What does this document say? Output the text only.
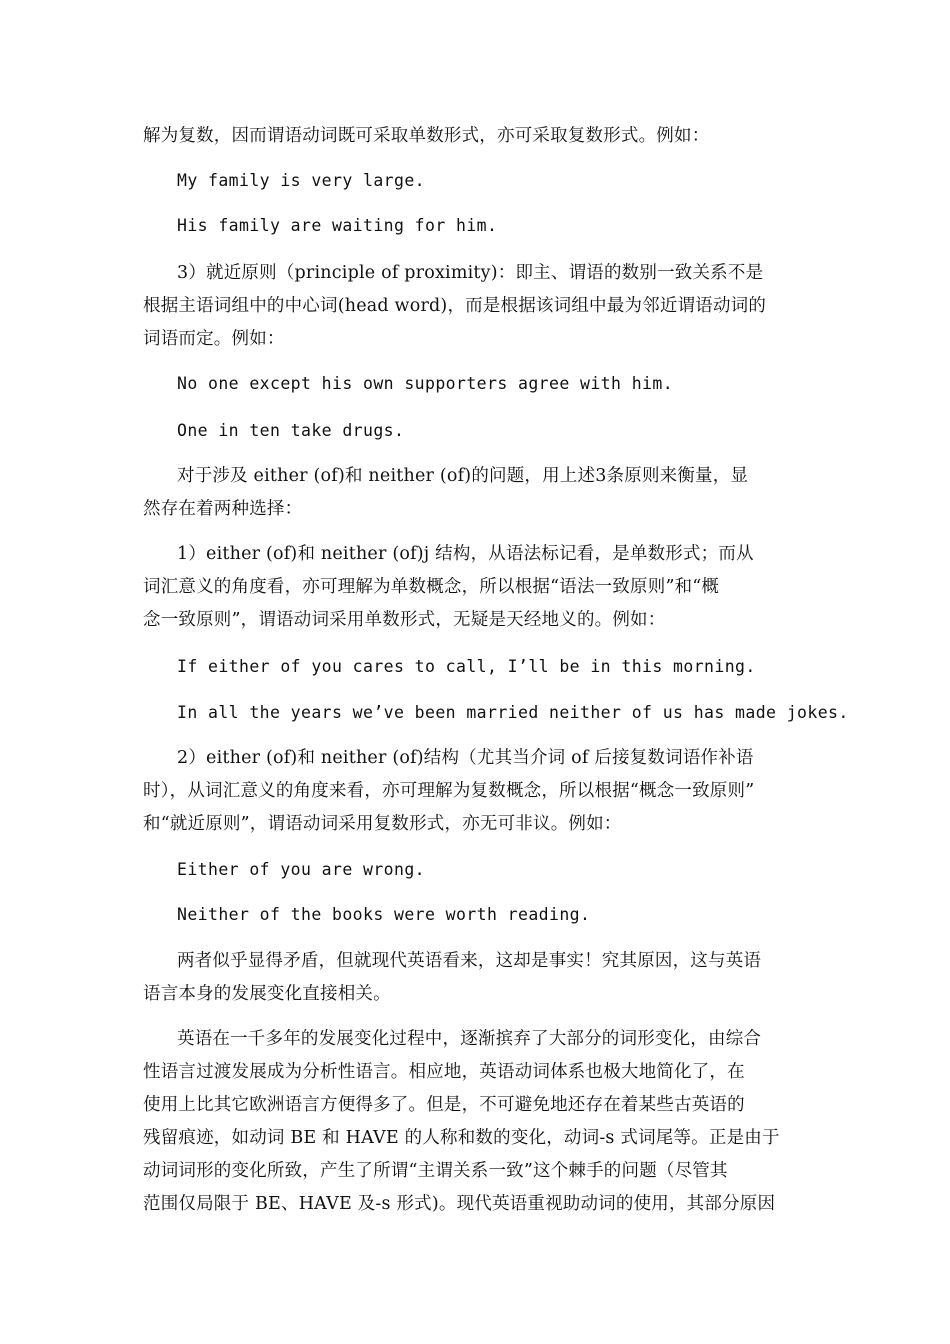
解为复数，因而谓语动词既可采取单数形式，亦可采取复数形式。例如：
My family is very large.
His family are waiting for him.
3）就近原则（principle of proximity)：即主、谓语的数别一致关系不是
根据主语词组中的中心词(head word)，而是根据该词组中最为邻近谓语动词的
词语而定。例如：
No one except his own supporters agree with him.
One in ten take drugs.
对于涉及 either (of)和 neither (of)的问题，用上述3条原则来衡量，显
然存在着两种选择：
1）either (of)和 neither (of)j 结构，从语法标记看，是单数形式；而从
词汇意义的角度看，亦可理解为单数概念，所以根据“语法一致原则”和“概
念一致原则”，谓语动词采用单数形式，无疑是天经地义的。例如：
If either of you cares to call, I’ll be in this morning.
In all the years we’ve been married neither of us has made jokes.
2）either (of)和 neither (of)结构（尤其当介词 of 后接复数词语作补语
时），从词汇意义的角度来看，亦可理解为复数概念，所以根据“概念一致原则”
和“就近原则”，谓语动词采用复数形式，亦无可非议。例如：
Either of you are wrong.
Neither of the books were worth reading.
两者似乎显得矛盾，但就现代英语看来，这却是事实！究其原因，这与英语
语言本身的发展变化直接相关。
英语在一千多年的发展变化过程中，逐渐摈弃了大部分的词形变化，由综合
性语言过渡发展成为分析性语言。相应地，英语动词体系也极大地简化了，在
使用上比其它欧洲语言方便得多了。但是，不可避免地还存在着某些古英语的
残留痕迹，如动词 BE 和 HAVE 的人称和数的变化，动词-s 式词尾等。正是由于
动词词形的变化所致，产生了所谓“主谓关系一致”这个棘手的问题（尽管其
范围仅局限于 BE、HAVE 及-s 形式)。现代英语重视助动词的使用，其部分原因
